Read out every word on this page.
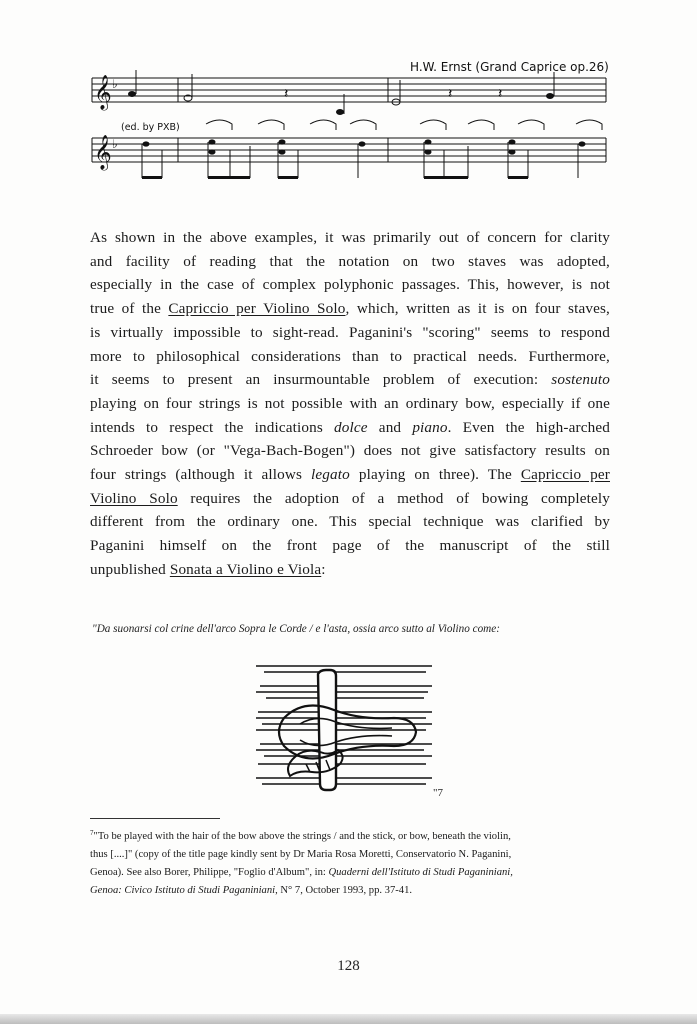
H.W. Ernst (Grand Caprice op.26)
𝄞
𝄞
♭
♭
𝄽	𝄽	𝄽
(ed. by PXB)
As shown in the above examples, it was primarily out of concern for clarity
and facility of reading that the notation on two staves was adopted,
especially in the case of complex polyphonic passages. This, however, is not
true of the Capriccio per Violino Solo, which, written as it is on four staves,
is virtually impossible to sight-read. Paganini's "scoring" seems to respond
more to philosophical considerations than to practical needs. Furthermore,
it seems to present an insurmountable problem of execution: sostenuto
playing on four strings is not possible with an ordinary bow, especially if one
intends to respect the indications dolce and piano. Even the high-arched
Schroeder bow (or "Vega-Bach-Bogen") does not give satisfactory results on
four strings (although it allows legato playing on three). The Capriccio per
Violino Solo requires the adoption of a method of bowing completely
different from the ordinary one. This special technique was clarified by
Paganini himself on the front page of the manuscript of the still
unpublished Sonata a Violino e Viola:
"Da suonarsi col crine dell'arco Sopra le Corde / e l'asta, ossia arco sutto al Violino come:
"7
$^7$"To be played with the hair of the bow above the strings / and the stick, or bow, beneath the violin,
thus [....]" (copy of the title page kindly sent by Dr Maria Rosa Moretti, Conservatorio N. Paganini,
Genoa). See also Borer, Philippe, "Foglio d'Album", in: Quaderni dell'Istituto di Studi Paganiniani,
Genoa: Civico Istituto di Studi Paganiniani, N° 7, October 1993, pp. 37-41.
128
